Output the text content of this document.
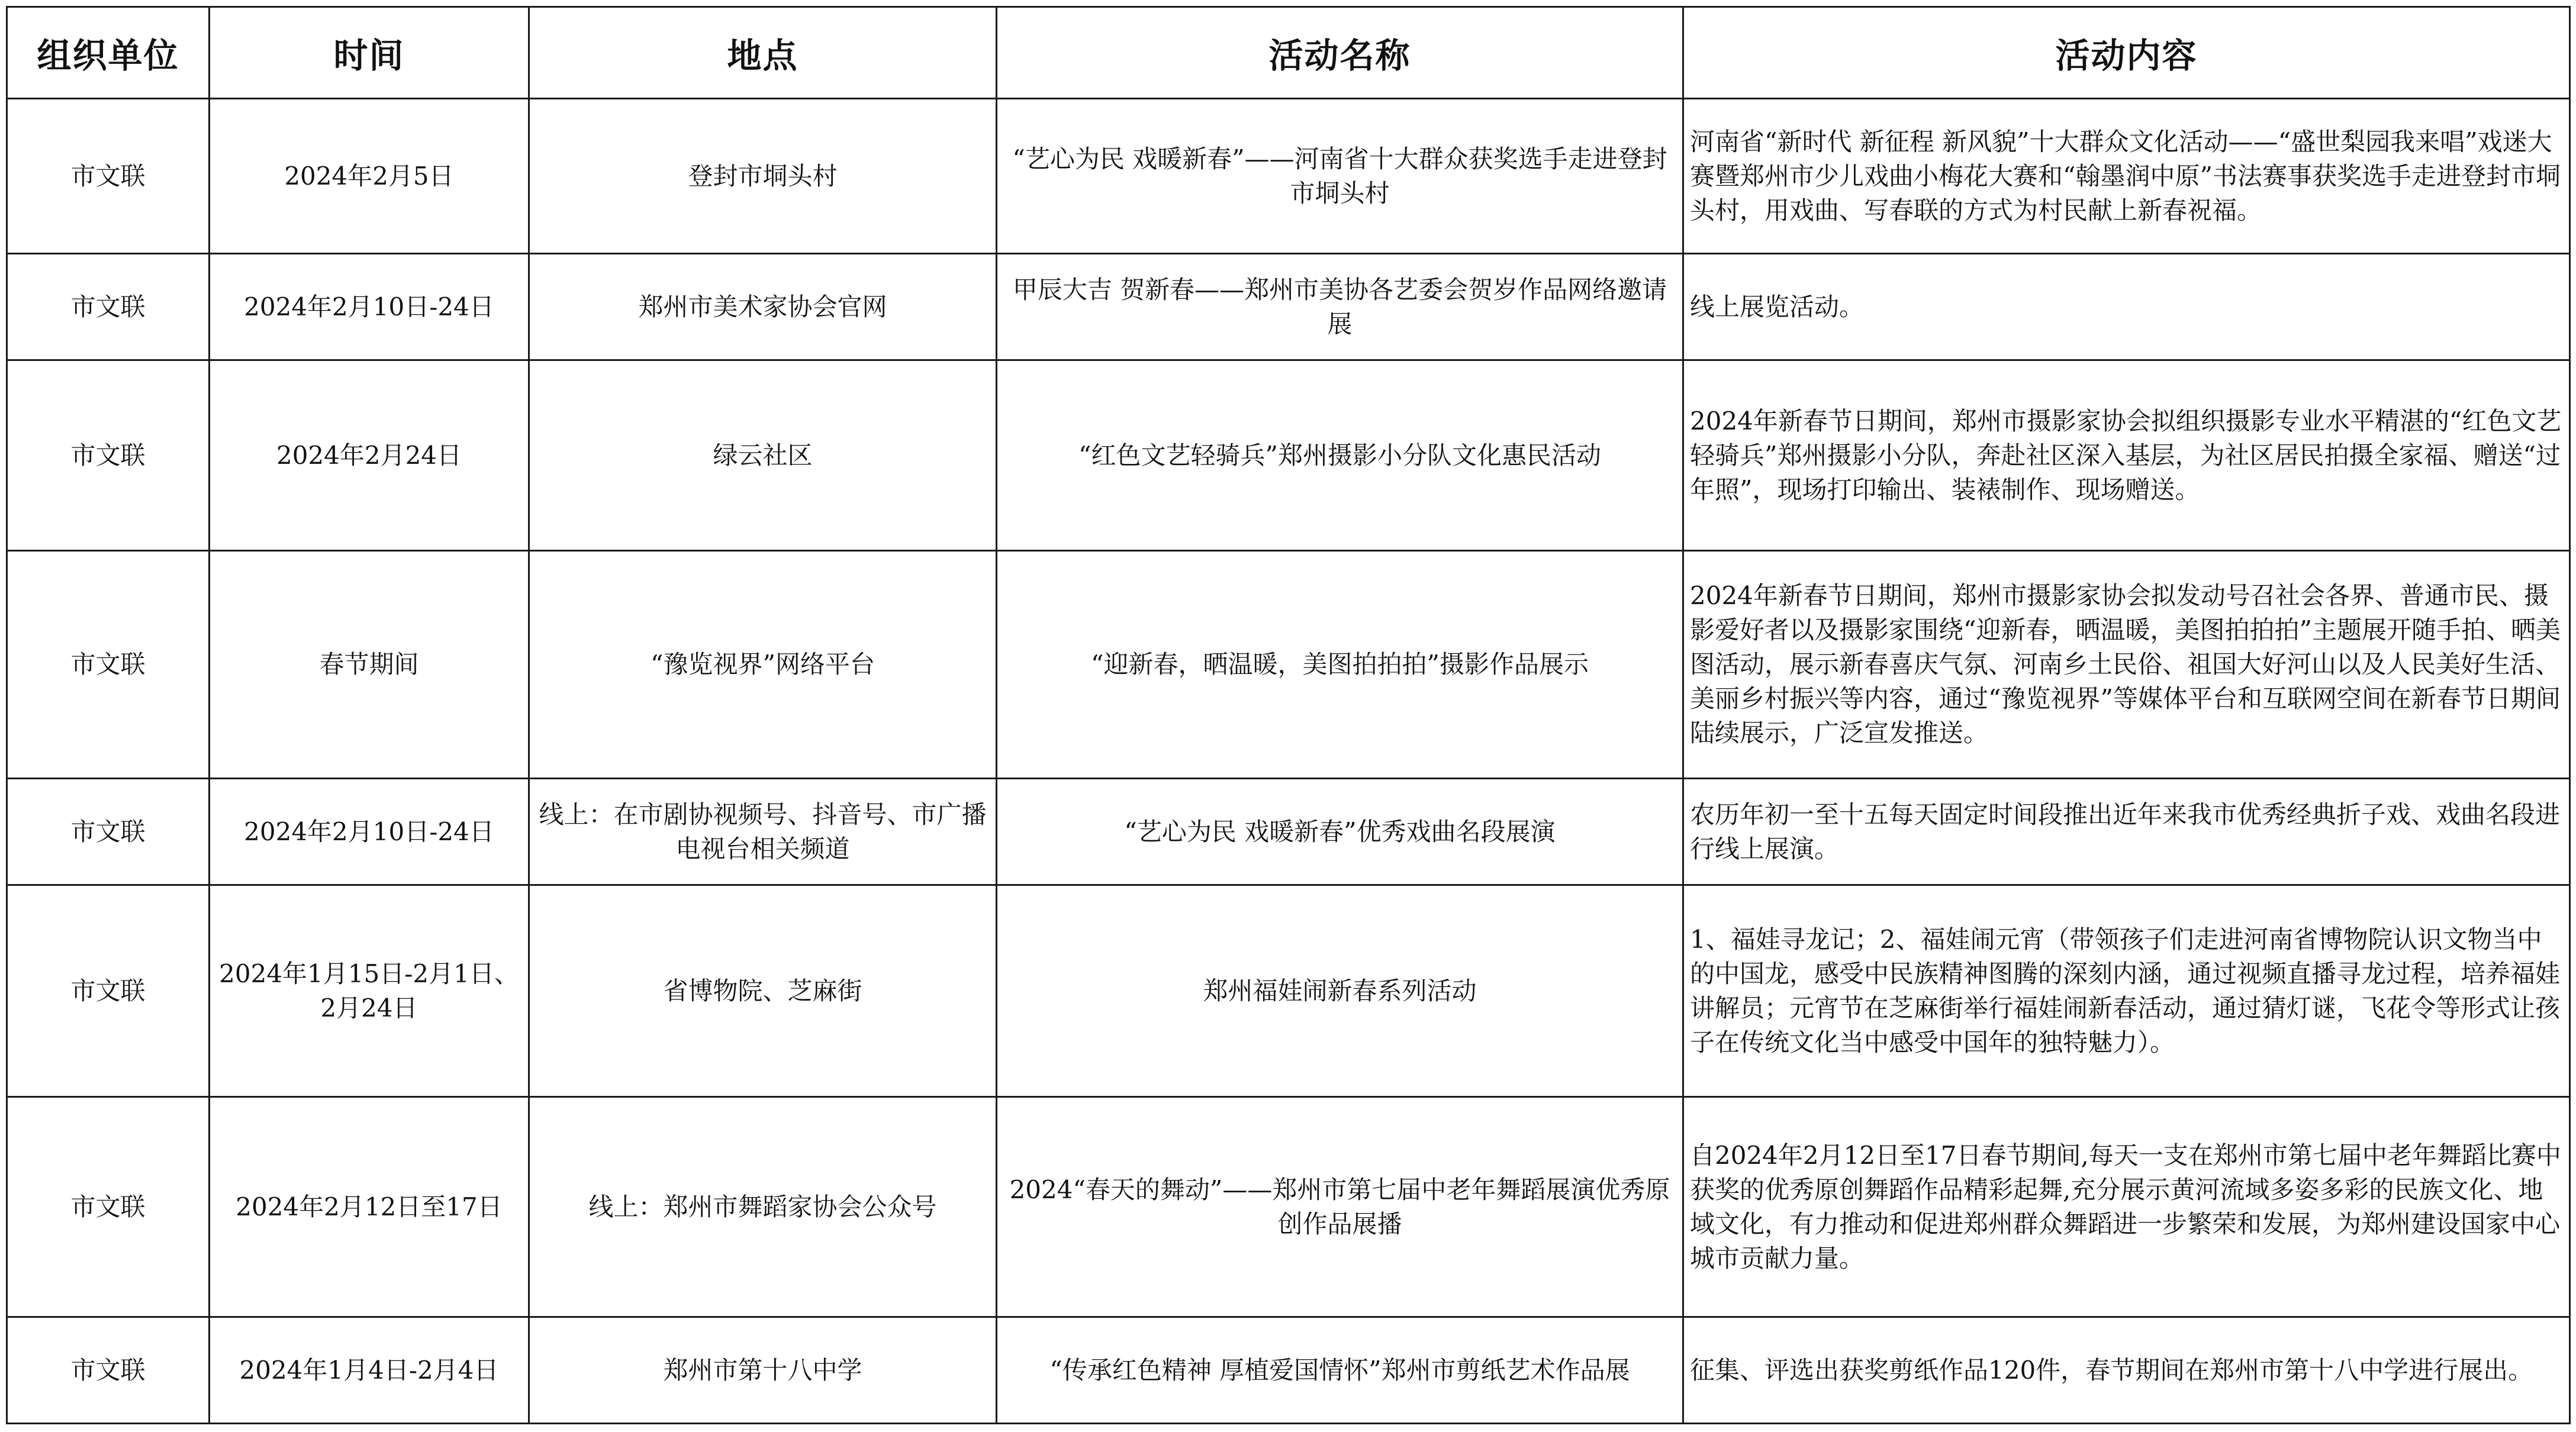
组织单位	时间	地点	活动名称	活动内容
市文联	2024年2月5日	登封市垌头村	“艺心为民 戏暖新春”——河南省十大群众获奖选手走进登封市垌头村	河南省“新时代 新征程 新风貌”十大群众文化活动——“盛世梨园我来唱”戏迷大赛暨郑州市少儿戏曲小梅花大赛和“翰墨润中原”书法赛事获奖选手走进登封市垌头村，用戏曲、写春联的方式为村民献上新春祝福。
市文联	2024年2月10日-24日	郑州市美术家协会官网	甲辰大吉 贺新春——郑州市美协各艺委会贺岁作品网络邀请展	线上展览活动。
市文联	2024年2月24日	绿云社区	“红色文艺轻骑兵”郑州摄影小分队文化惠民活动	2024年新春节日期间，郑州市摄影家协会拟组织摄影专业水平精湛的“红色文艺轻骑兵”郑州摄影小分队，奔赴社区深入基层，为社区居民拍摄全家福、赠送“过年照”，现场打印输出、装裱制作、现场赠送。
市文联	春节期间	“豫览视界”网络平台	“迎新春，晒温暖，美图拍拍拍”摄影作品展示	2024年新春节日期间，郑州市摄影家协会拟发动号召社会各界、普通市民、摄影爱好者以及摄影家围绕“迎新春，晒温暖，美图拍拍拍”主题展开随手拍、晒美图活动，展示新春喜庆气氛、河南乡土民俗、祖国大好河山以及人民美好生活、美丽乡村振兴等内容，通过“豫览视界”等媒体平台和互联网空间在新春节日期间陆续展示，广泛宣发推送。
市文联	2024年2月10日-24日	线上：在市剧协视频号、抖音号、市广播电视台相关频道	“艺心为民 戏暖新春”优秀戏曲名段展演	农历年初一至十五每天固定时间段推出近年来我市优秀经典折子戏、戏曲名段进行线上展演。
市文联	2024年1月15日-2月1日、2月24日	省博物院、芝麻街	郑州福娃闹新春系列活动	1、福娃寻龙记；2、福娃闹元宵（带领孩子们走进河南省博物院认识文物当中的中国龙，感受中民族精神图腾的深刻内涵，通过视频直播寻龙过程，培养福娃讲解员；元宵节在芝麻街举行福娃闹新春活动，通过猜灯谜，飞花令等形式让孩子在传统文化当中感受中国年的独特魅力）。
市文联	2024年2月12日至17日	线上：郑州市舞蹈家协会公众号	2024“春天的舞动”——郑州市第七届中老年舞蹈展演优秀原创作品展播	自2024年2月12日至17日春节期间,每天一支在郑州市第七届中老年舞蹈比赛中获奖的优秀原创舞蹈作品精彩起舞,充分展示黄河流域多姿多彩的民族文化、地域文化，有力推动和促进郑州群众舞蹈进一步繁荣和发展，为郑州建设国家中心城市贡献力量。
市文联	2024年1月4日-2月4日	郑州市第十八中学	“传承红色精神 厚植爱国情怀”郑州市剪纸艺术作品展	征集、评选出获奖剪纸作品120件，春节期间在郑州市第十八中学进行展出。
